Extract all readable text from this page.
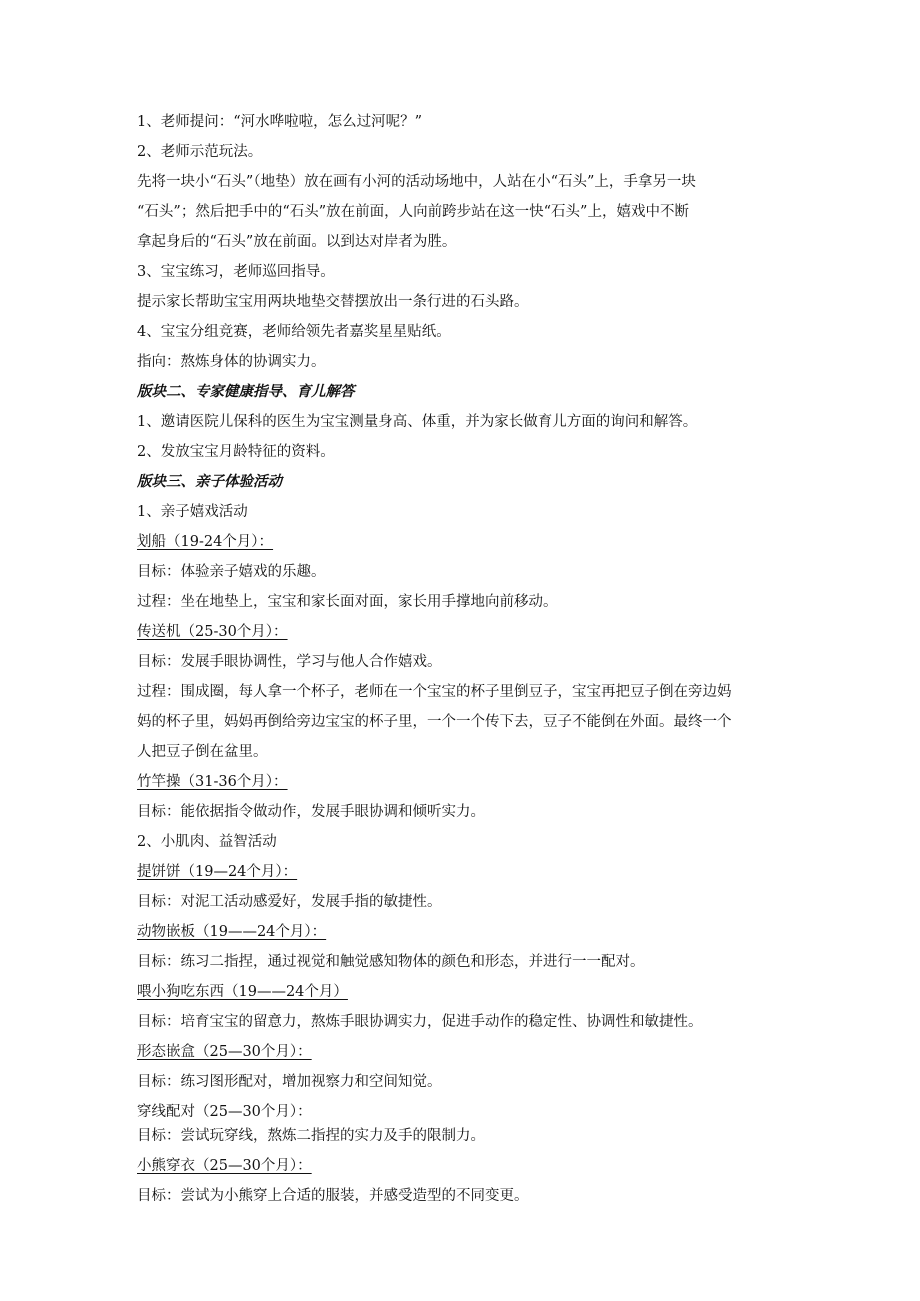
1、老师提问：“河水哗啦啦，怎么过河呢？”
2、老师示范玩法。
先将一块小“石头”（地垫）放在画有小河的活动场地中，人站在小“石头”上，手拿另一块
“石头”；然后把手中的“石头”放在前面，人向前跨步站在这一快“石头”上，嬉戏中不断
拿起身后的“石头”放在前面。以到达对岸者为胜。
3、宝宝练习，老师巡回指导。
提示家长帮助宝宝用两块地垫交替摆放出一条行进的石头路。
4、宝宝分组竞赛，老师给领先者嘉奖星星贴纸。
指向：熬炼身体的协调实力。
版块二、专家健康指导、育儿解答
1、邀请医院儿保科的医生为宝宝测量身高、体重，并为家长做育儿方面的询问和解答。
2、发放宝宝月龄特征的资料。
版块三、亲子体验活动
1、亲子嬉戏活动
划船（19-24个月）：
目标：体验亲子嬉戏的乐趣。
过程：坐在地垫上，宝宝和家长面对面，家长用手撑地向前移动。
传送机（25-30个月）：
目标：发展手眼协调性，学习与他人合作嬉戏。
过程：围成圈，每人拿一个杯子，老师在一个宝宝的杯子里倒豆子，宝宝再把豆子倒在旁边妈
妈的杯子里，妈妈再倒给旁边宝宝的杯子里，一个一个传下去，豆子不能倒在外面。最终一个
人把豆子倒在盆里。
竹竿操（31-36个月）：
目标：能依据指令做动作，发展手眼协调和倾听实力。
2、小肌肉、益智活动
提饼饼（19—24个月）：
目标：对泥工活动感爱好，发展手指的敏捷性。
动物嵌板（19——24个月）：
目标：练习二指捏，通过视觉和触觉感知物体的颜色和形态，并进行一一配对。
喂小狗吃东西（19——24个月）
目标：培育宝宝的留意力，熬炼手眼协调实力，促进手动作的稳定性、协调性和敏捷性。
形态嵌盒（25—30个月）：
目标：练习图形配对，增加视察力和空间知觉。
穿线配对（25—30个月）：
目标：尝试玩穿线，熬炼二指捏的实力及手的限制力。
小熊穿衣（25—30个月）：
目标：尝试为小熊穿上合适的服装，并感受造型的不同变更。
